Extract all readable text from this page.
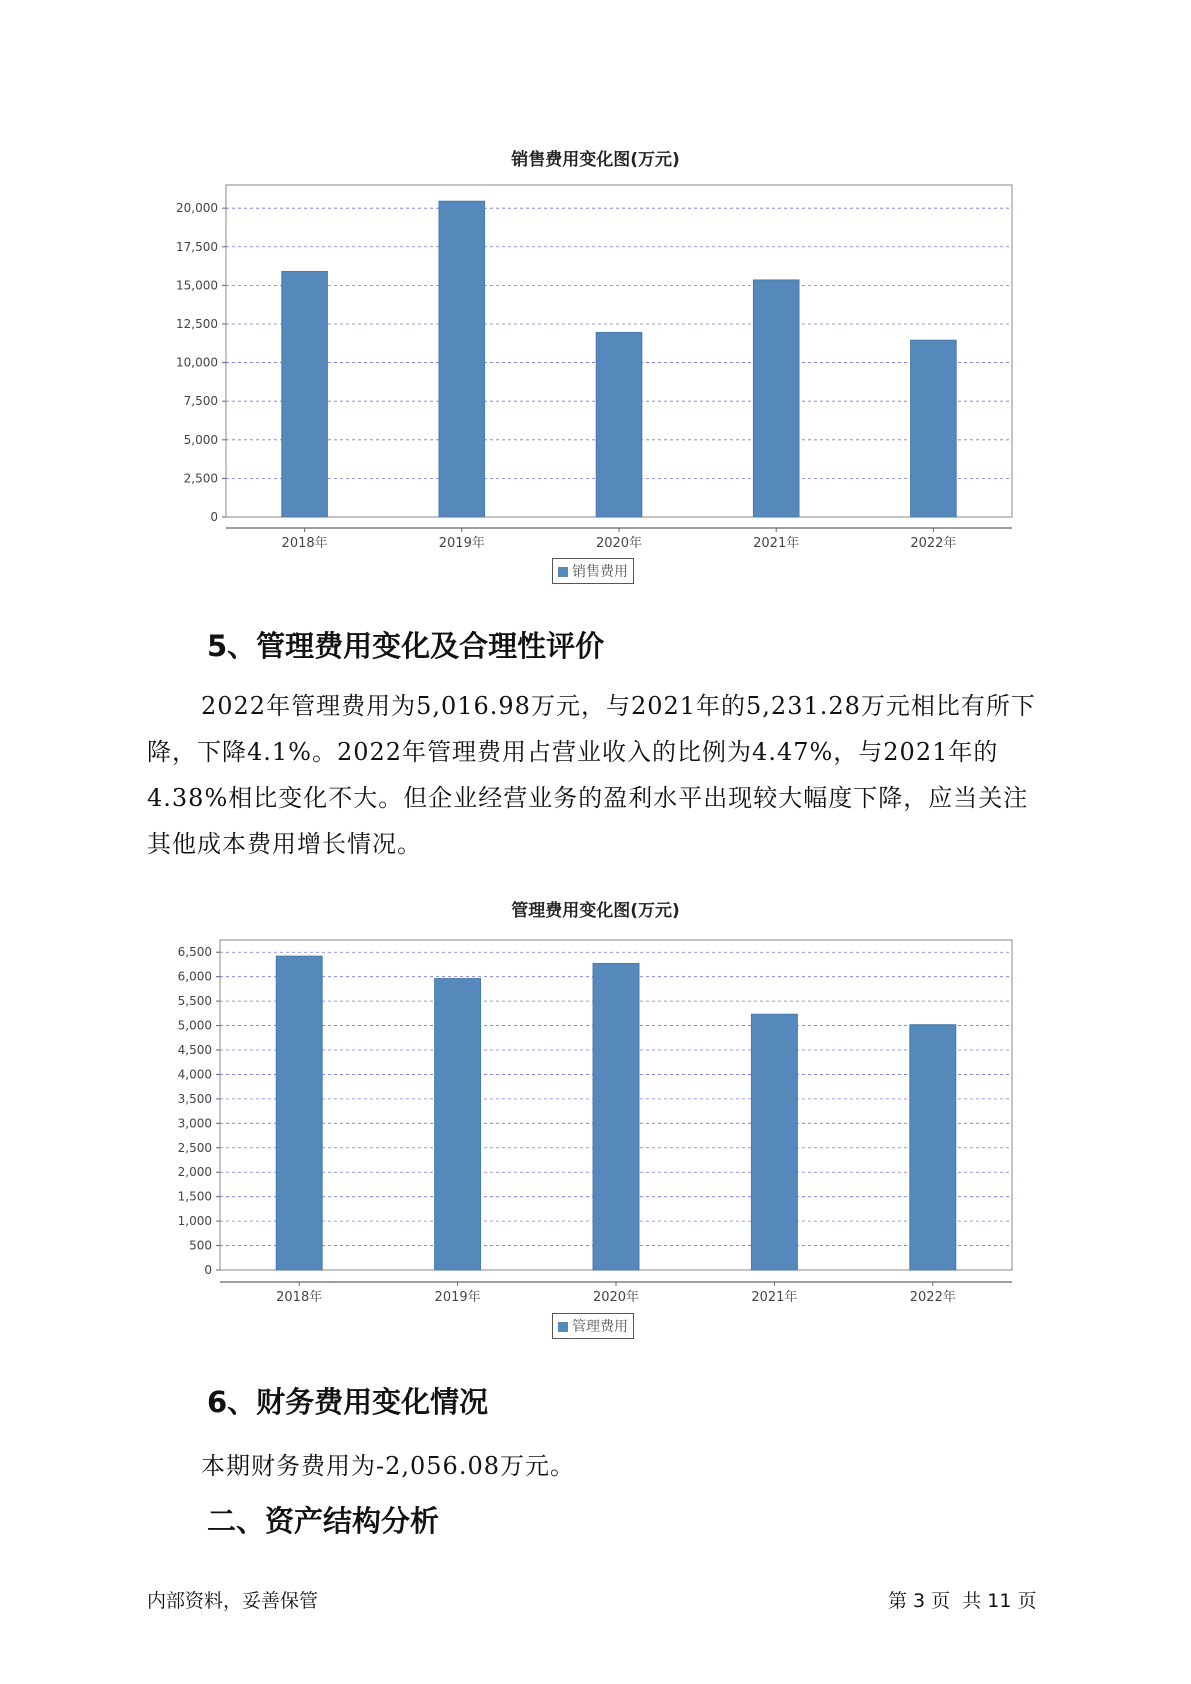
销售费用变化图(万元)
0
2,500
5,000
7,500
10,000
12,500
15,000
17,500
20,000
2018年	2019年	2020年	2021年	2022年
销售费用
5、管理费用变化及合理性评价
2022年管理费用为5,016.98万元，与2021年的5,231.28万元相比有所下降，下降4.1%。2022年管理费用占营业收入的比例为4.47%，与2021年的4.38%相比变化不大。但企业经营业务的盈利水平出现较大幅度下降，应当关注其他成本费用增长情况。
管理费用变化图(万元)
0
500
1,000
1,500
2,000
2,500
3,000
3,500
4,000
4,500
5,000
5,500
6,000
6,500
2018年	2019年	2020年	2021年	2022年
管理费用
6、财务费用变化情况
本期财务费用为-2,056.08万元。
二、资产结构分析
内部资料，妥善保管	第 3 页  共 11 页
